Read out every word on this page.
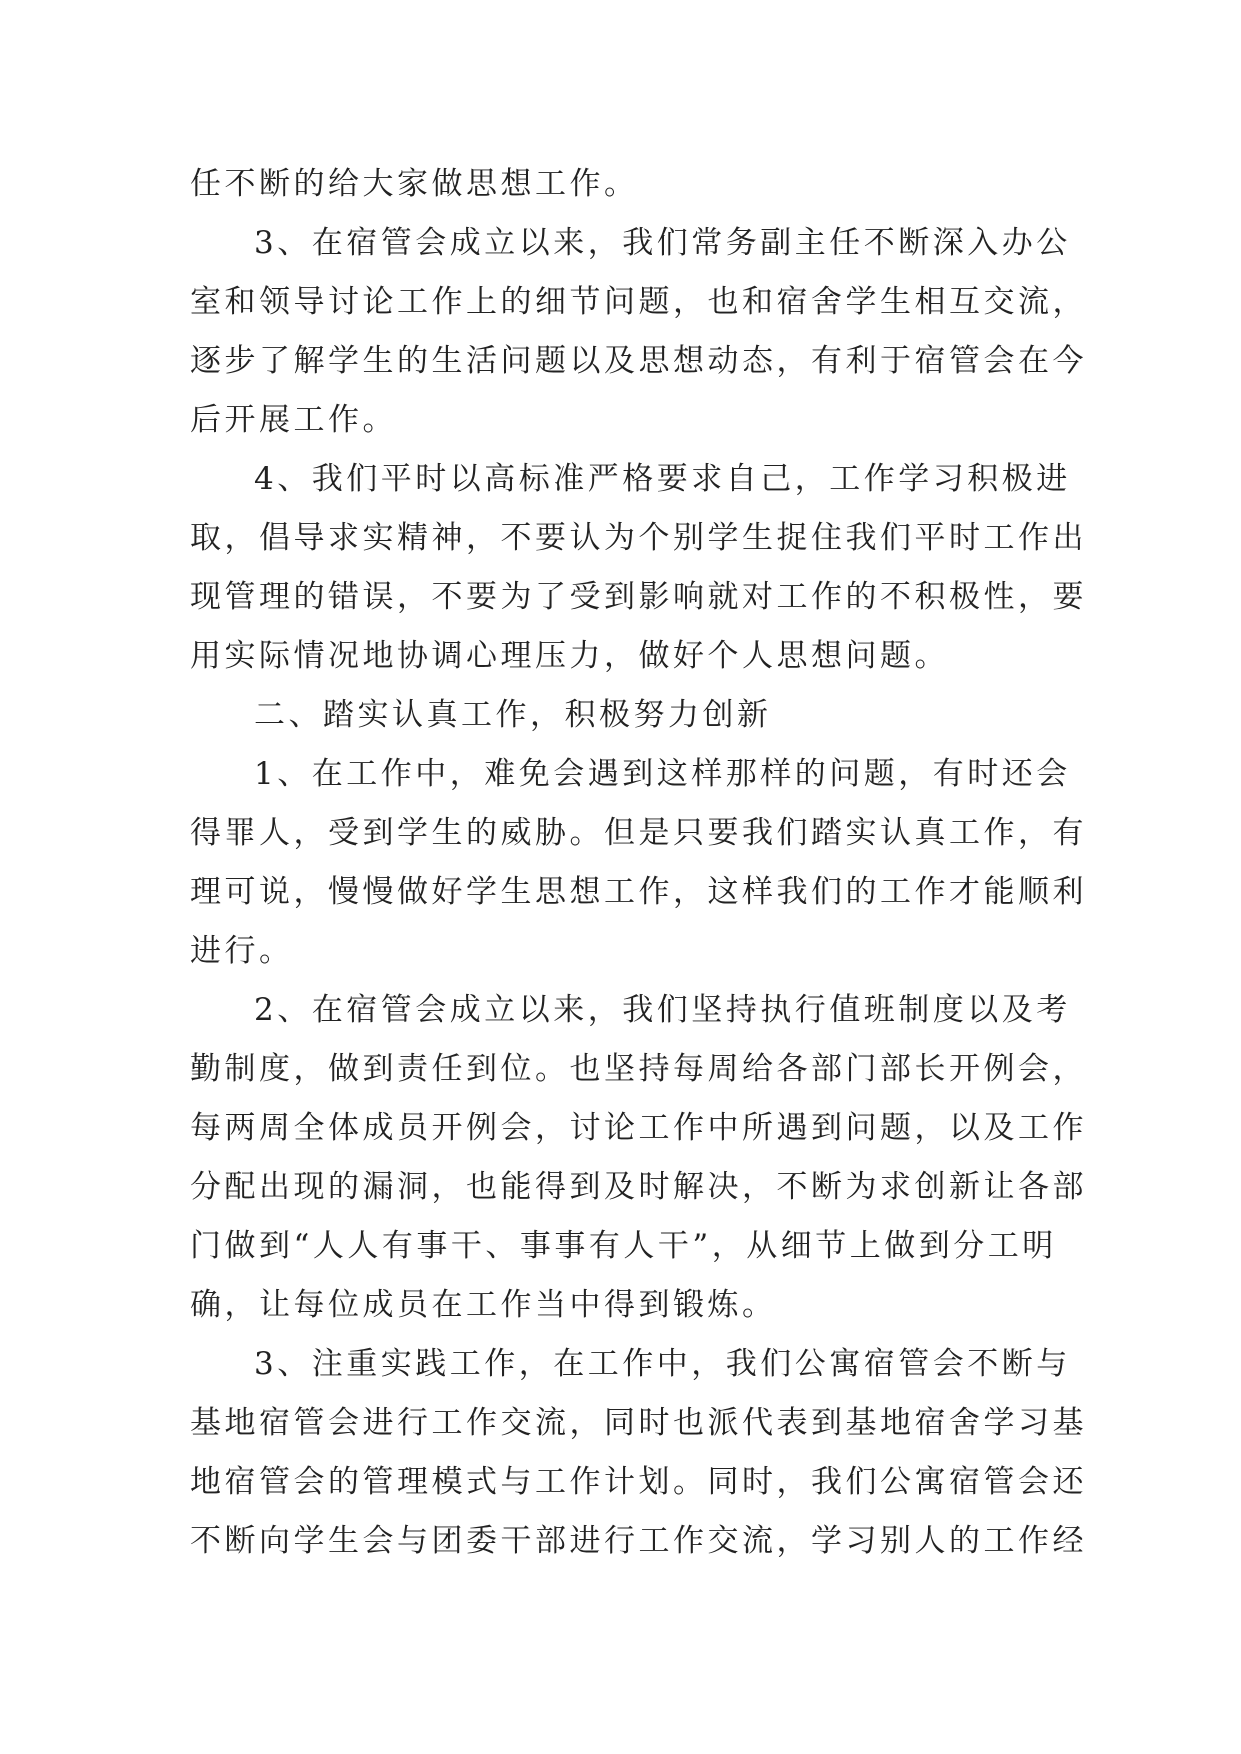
任不断的给大家做思想工作。
3、在宿管会成立以来，我们常务副主任不断深入办公
室和领导讨论工作上的细节问题，也和宿舍学生相互交流，
逐步了解学生的生活问题以及思想动态，有利于宿管会在今
后开展工作。
4、我们平时以高标准严格要求自己，工作学习积极进
取，倡导求实精神，不要认为个别学生捉住我们平时工作出
现管理的错误，不要为了受到影响就对工作的不积极性，要
用实际情况地协调心理压力，做好个人思想问题。
二、踏实认真工作，积极努力创新
1、在工作中，难免会遇到这样那样的问题，有时还会
得罪人，受到学生的威胁。但是只要我们踏实认真工作，有
理可说，慢慢做好学生思想工作，这样我们的工作才能顺利
进行。
2、在宿管会成立以来，我们坚持执行值班制度以及考
勤制度，做到责任到位。也坚持每周给各部门部长开例会，
每两周全体成员开例会，讨论工作中所遇到问题，以及工作
分配出现的漏洞，也能得到及时解决，不断为求创新让各部
门做到“人人有事干、事事有人干”，从细节上做到分工明
确，让每位成员在工作当中得到锻炼。
3、注重实践工作，在工作中，我们公寓宿管会不断与
基地宿管会进行工作交流，同时也派代表到基地宿舍学习基
地宿管会的管理模式与工作计划。同时，我们公寓宿管会还
不断向学生会与团委干部进行工作交流，学习别人的工作经
